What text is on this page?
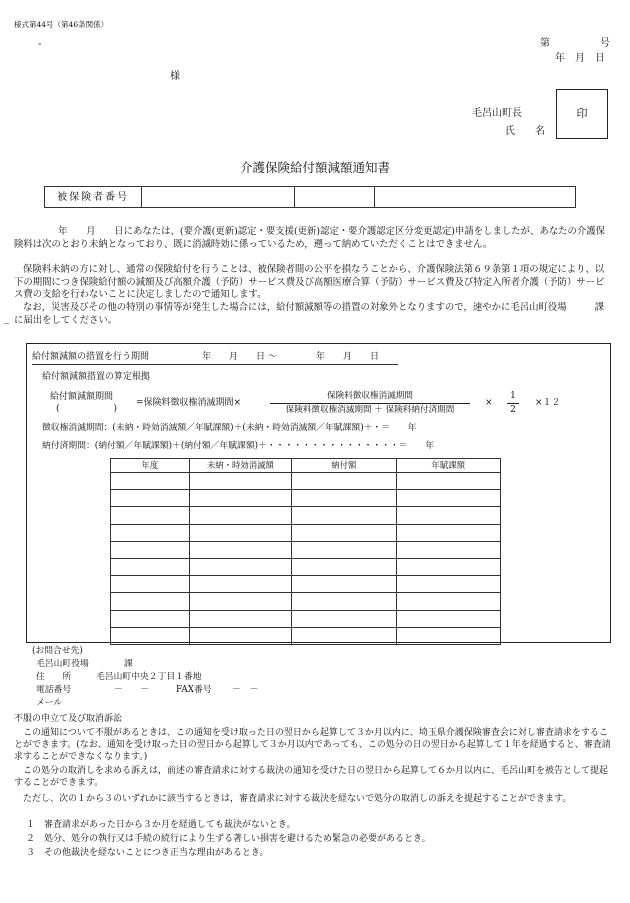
様式第44号（第46条関係）
-	第　　　　　号
年　月　日
様
毛呂山町長
氏　　名
印
介護保険給付額減額通知書
被保険者番号			
年　　月　　日にあなたは、(要介護(更新)認定・要支援(更新)認定・要介護認定区分変更認定)申請をしましたが、あなたの介護保険料は次のとおり未納となっており、既に消滅時効に係っているため，遡って納めていただくことはできません。
保険料未納の方に対し、通常の保険給付を行うことは、被保険者間の公平を損なうことから、介護保険法第６９条第１項の規定により、以下の期間につき保険給付額の減額及び高額介護（予防）サービス費及び高額医療合算（予防）サービス費及び特定入所者介護（予防）サービス費の支給を行わないことに決定しましたので通知します。
なお，災害及びその他の特別の事情等が発生した場合には，給付額減額等の措置の対象外となりますので，速やかに毛呂山町役場　　　課に届出をしてください。
_
給付額減額の措置を行う期間	年　　月　　日 〜	年　　月　　日
給付額減額措置の算定根拠
給付額減額期間
(　　　　　　)
=保険料徴収権消滅期間×
保険料徴収権消滅期間
保険料徴収権消滅期間 ＋ 保険料納付済期間
×
1
2
×１２
徴収権消滅期間：(未納・時効消滅額／年賦課額)＋(未納・時効消滅額／年賦課額)＋・＝　　年
納付済期間：(納付額／年賦課額)＋(納付額／年賦課額)＋・・・・・・・・・・・・・・・＝　　年
年度	未納・時効消滅額	納付額	年賦課額

(お問合せ先)
毛呂山町役場　　　　課
住　　所	毛呂山町中央２丁目１番地
電話番号	－　　－	FAX番号 －　－
メール
不服の申立て及び取消訴訟
この通知について不服があるときは、この通知を受け取った日の翌日から起算して３か月以内に、埼玉県介護保険審査会に対し審査請求をすることができます。(なお、通知を受け取った日の翌日から起算して３か月以内であっても、この処分の日の翌日から起算して１年を経過すると、審査請求することができなくなります。)
この処分の取消しを求める訴えは，前述の審査請求に対する裁決の通知を受けた日の翌日から起算して６か月以内に、毛呂山町を被告として提起することができます。
ただし、次の１から３のいずれかに該当するときは，審査請求に対する裁決を経ないで処分の取消しの訴えを提起することができます。
１　審査請求があった日から３か月を経過しても裁決がないとき。
２　処分、処分の執行又は手続の続行により生ずる著しい損害を避けるため緊急の必要があるとき。
３　その他裁決を経ないことにつき正当な理由があるとき。
